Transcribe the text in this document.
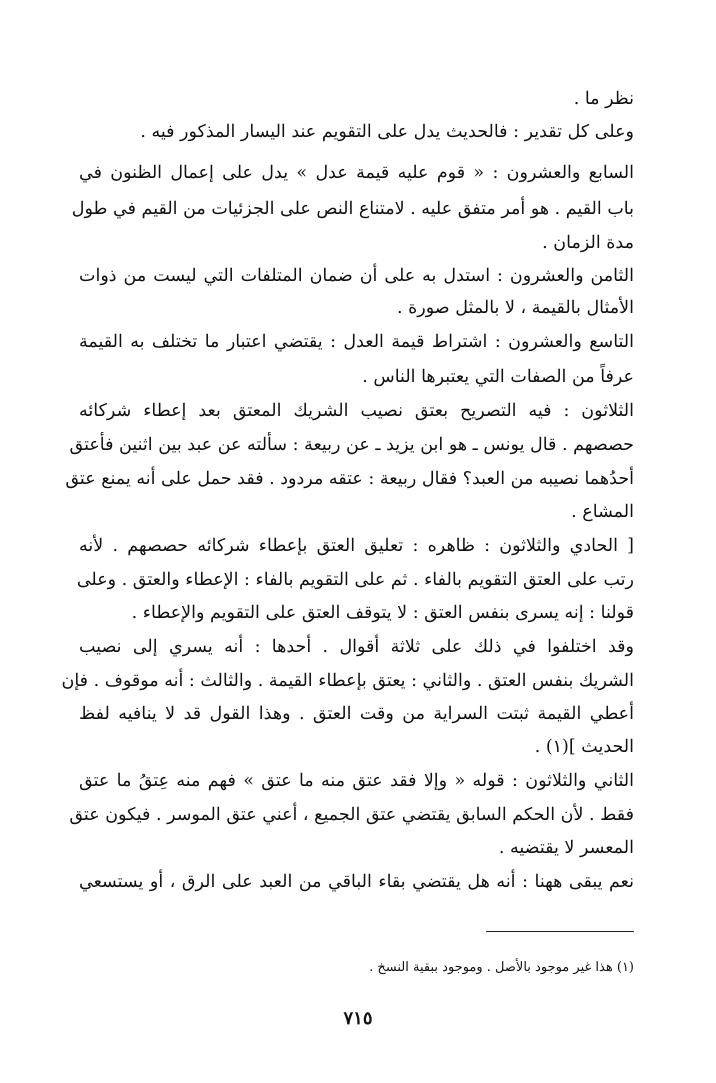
نظر ما .

وعلى كل تقدير : فالحديث يدل على التقويم عند اليسار المذكور فيه .

السابع والعشرون : « قوم عليه قيمة عدل » يدل على إعمال الظنون في

باب القيم . هو أمر متفق عليه . لامتناع النص على الجزئيات من القيم في طول

مدة الزمان .

الثامن والعشرون : استدل به على أن ضمان المتلفات التي ليست من ذوات

الأمثال بالقيمة ، لا بالمثل صورة .

التاسع والعشرون : اشتراط قيمة العدل : يقتضي اعتبار ما تختلف به القيمة

عرفاً من الصفات التي يعتبرها الناس .

الثلاثون : فيه التصريح بعتق نصيب الشريك المعتق بعد إعطاء شركائه

حصصهم . قال يونس ـ هو ابن يزيد ـ عن ربيعة : سألته عن عبد بين اثنين فأعتق

أحدُهما نصيبه من العبد؟ فقال ربيعة : عتقه مردود . فقد حمل على أنه يمنع عتق

المشاع .

[ الحادي والثلاثون : ظاهره : تعليق العتق بإعطاء شركائه حصصهم . لأنه

رتب على العتق التقويم بالفاء . ثم على التقويم بالفاء : الإعطاء والعتق . وعلى

قولنا : إنه يسرى بنفس العتق : لا يتوقف العتق على التقويم والإعطاء .

وقد اختلفوا في ذلك على ثلاثة أقوال . أحدها : أنه يسري إلى نصيب

الشريك بنفس العتق . والثاني : يعتق بإعطاء القيمة . والثالث : أنه موقوف . فإن

أعطي القيمة ثبتت السراية من وقت العتق . وهذا القول قد لا ينافيه لفظ

الحديث ](١) .

الثاني والثلاثون : قوله « وإلا فقد عتق منه ما عتق » فهم منه عِتقُ ما عتق

فقط . لأن الحكم السابق يقتضي عتق الجميع ، أعني عتق الموسر . فيكون عتق

المعسر لا يقتضيه .

نعم يبقى ههنا : أنه هل يقتضي بقاء الباقي من العبد على الرق ، أو يستسعي

(١) هذا غير موجود بالأصل . وموجود ببقية النسخ .

٧١٥
